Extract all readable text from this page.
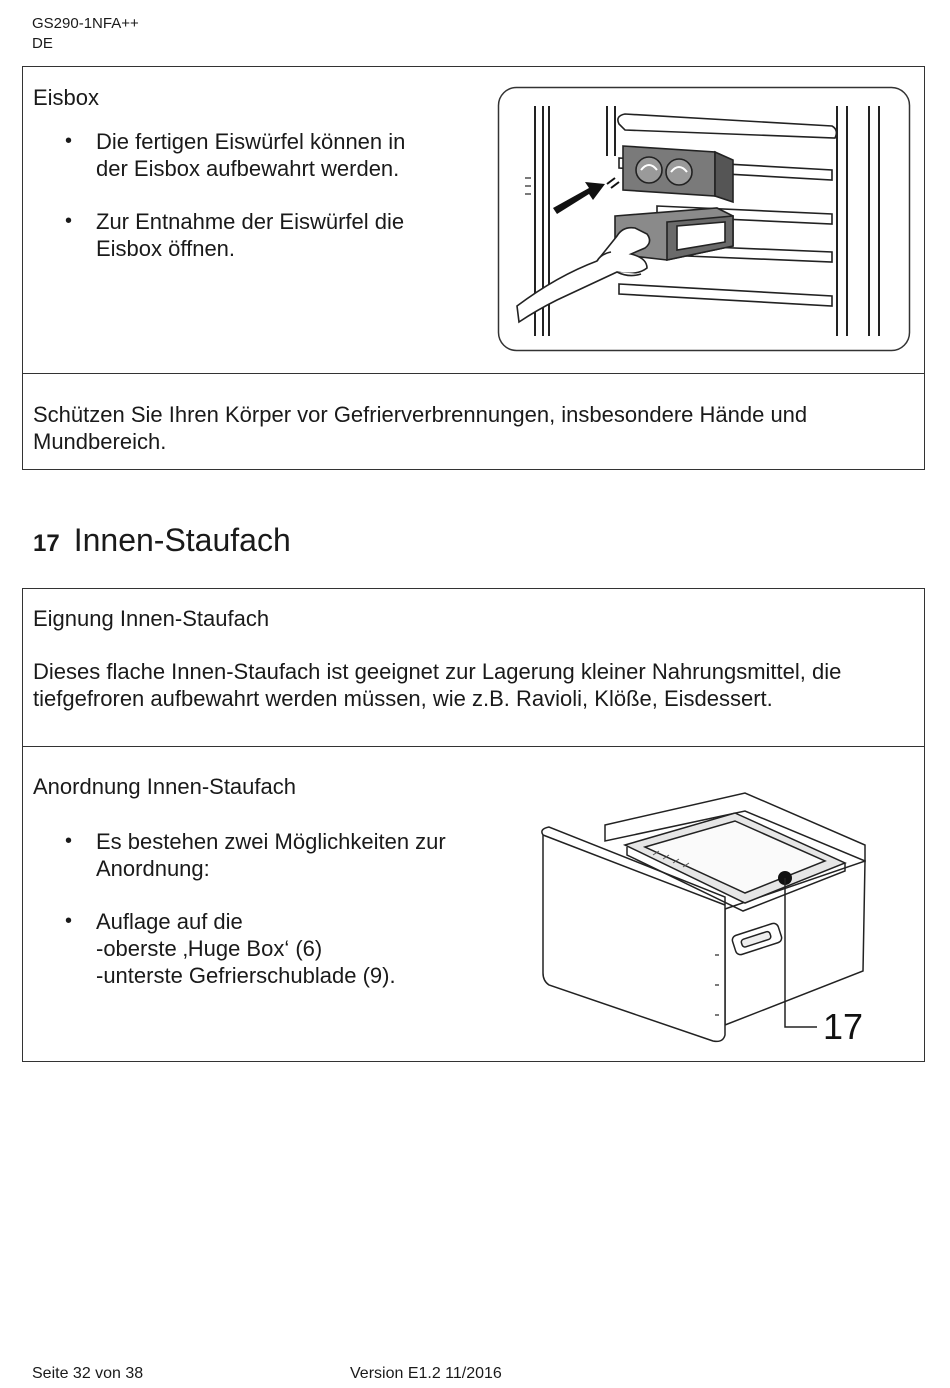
GS290-1NFA++
DE
Eisbox
• Die fertigen Eiswürfel können in
der Eisbox aufbewahrt werden.
• Zur Entnahme der Eiswürfel die
Eisbox öffnen.
Schützen Sie Ihren Körper vor Gefrierverbrennungen, insbesondere Hände und Mundbereich.
17 Innen-Staufach
Eignung Innen-Staufach
Dieses flache Innen-Staufach ist geeignet zur Lagerung kleiner Nahrungsmittel, die tiefgefroren aufbewahrt werden müssen, wie z.B. Ravioli, Klöße, Eisdessert.
Anordnung Innen-Staufach
• Es bestehen zwei Möglichkeiten zur
Anordnung:
• Auflage auf die
-oberste ‚Huge Box‘ (6)
-unterste Gefrierschublade (9).
17
Seite 32 von 38	Version E1.2 11/2016
